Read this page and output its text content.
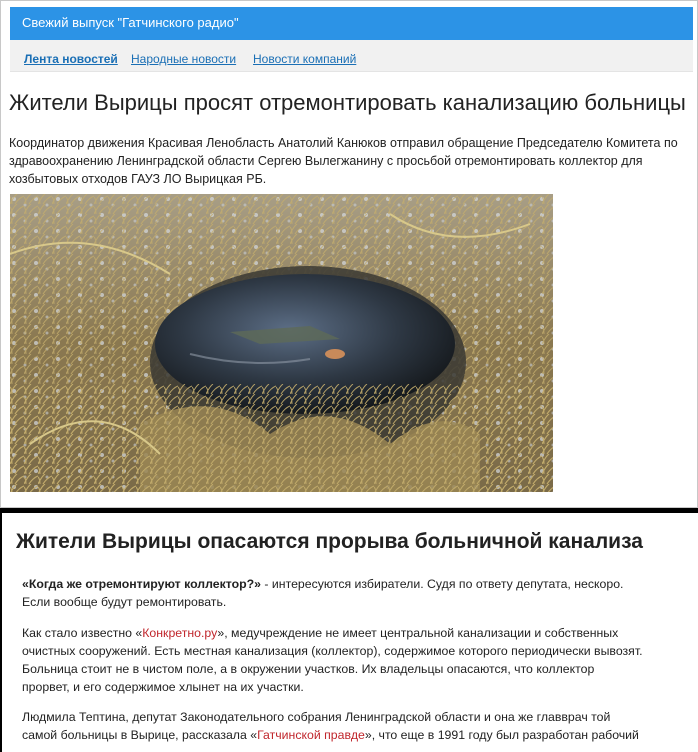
Свежий выпуск "Гатчинского радио"
Лента новостей Народные новости Новости компаний
Жители Вырицы просят отремонтировать канализацию больницы
Координатор движения Красивая Ленобласть Анатолий Канюков отправил обращение Председателю Комитета по
здравоохранению Ленинградской области Сергею Вылегжанину с просьбой отремонтировать коллектор для
хозбытовых отходов ГАУЗ ЛО Вырицкая РБ.
Жители Вырицы опасаются прорыва больничной канализа
«Когда же отремонтируют коллектор?» - интересуются избиратели. Судя по ответу депутата, нескоро.
Если вообще будут ремонтировать.
Как стало известно «Конкретно.ру», медучреждение не имеет центральной канализации и собственных
очистных сооружений. Есть местная канализация (коллектор), содержимое которого периодически вывозят.
Больница стоит не в чистом поле, а в окружении участков. Их владельцы опасаются, что коллектор
прорвет, и его содержимое хлынет на их участки.
Людмила Тептина, депутат Законодательного собрания Ленинградской области и она же главврач той
самой больницы в Вырице, рассказала «Гатчинской правде», что еще в 1991 году был разработан рабочий
